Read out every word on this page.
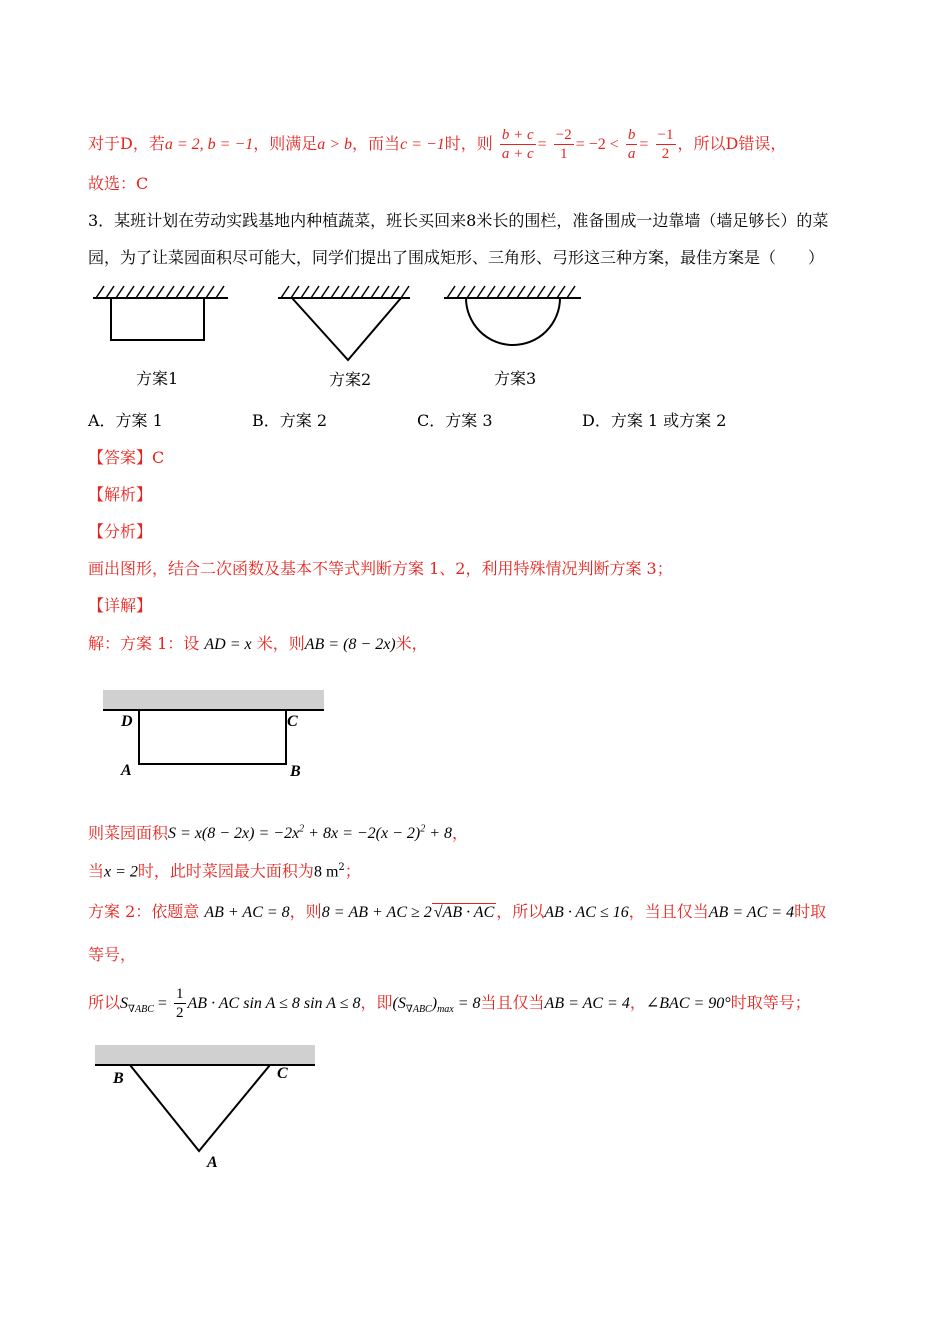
对于D，若a = 2, b = −1，则满足a > b，而当c = −1时，则 $\frac{b + c}{a + c} = \frac{-2}{1} = -2 < \frac{b}{a} = \frac{-1}{2}$ ，所以D错误，
故选：C
3．某班计划在劳动实践基地内种植蔬菜，班长买回来8米长的围栏，准备围成一边靠墙（墙足够长）的菜
园，为了让菜园面积尽可能大，同学们提出了围成矩形、三角形、弓形这三种方案，最佳方案是（　　）
方案1	方案2	方案3
A．方案 1	B．方案 2	C．方案 3	D．方案 1 或方案 2
【答案】C
【解析】
【分析】
画出图形，结合二次函数及基本不等式判断方案 1、2，利用特殊情况判断方案 3；
【详解】
解：方案 1：设 AD = x 米，则AB = (8 − 2x)米，
D	C
A	B
则菜园面积$S = x(8 - 2x) = -2x^2 + 8x = -2(x - 2)^2 + 8$，
当x = 2时，此时菜园最大面积为8 $m^2$；
方案 2：依题意 AB + AC = 8，则8 = AB + AC ≥ 2 √AB · AC ，所以AB · AC ≤ 16，当且仅当AB = AC = 4时取
等号，
所以$S_{\nabla ABC} = \frac{1}{2}$ AB · AC sin A ≤ 8 sin A ≤ 8，即$(S_{\nabla ABC})_{max} = 8$当且仅当AB = AC = 4，∠BAC = 90°时取等号；
B	C
A
